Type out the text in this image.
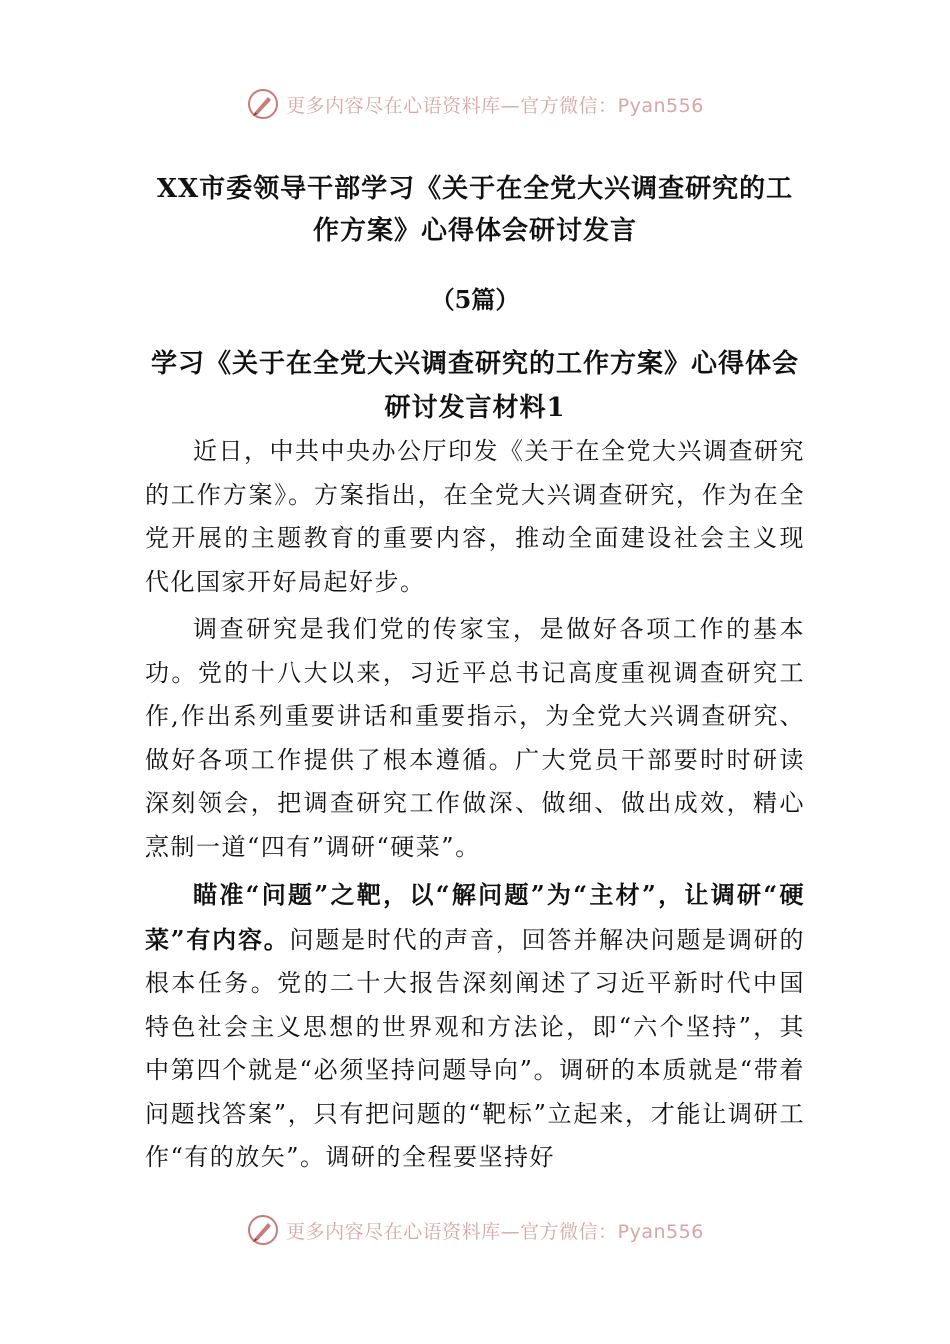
更多内容尽在心语资料库—官方微信：Pyan556
XX市委领导干部学习《关于在全党大兴调查研究的工作方案》心得体会研讨发言
（5篇）
学习《关于在全党大兴调查研究的工作方案》心得体会研讨发言材料1

近日，中共中央办公厅印发《关于在全党大兴调查研究的工作方案》。方案指出，在全党大兴调查研究，作为在全党开展的主题教育的重要内容，推动全面建设社会主义现代化国家开好局起好步。

调查研究是我们党的传家宝，是做好各项工作的基本功。党的十八大以来，习近平总书记高度重视调查研究工作,作出系列重要讲话和重要指示，为全党大兴调查研究、做好各项工作提供了根本遵循。广大党员干部要时时研读深刻领会，把调查研究工作做深、做细、做出成效，精心烹制一道“四有”调研“硬菜”。

瞄准“问题”之靶，以“解问题”为“主材”，让调研“硬菜”有内容。问题是时代的声音，回答并解决问题是调研的根本任务。党的二十大报告深刻阐述了习近平新时代中国特色社会主义思想的世界观和方法论，即“六个坚持”，其中第四个就是“必须坚持问题导向”。调研的本质就是“带着问题找答案”，只有把问题的“靶标”立起来，才能让调研工作“有的放矢”。调研的全程要坚持好

更多内容尽在心语资料库—官方微信：Pyan556
